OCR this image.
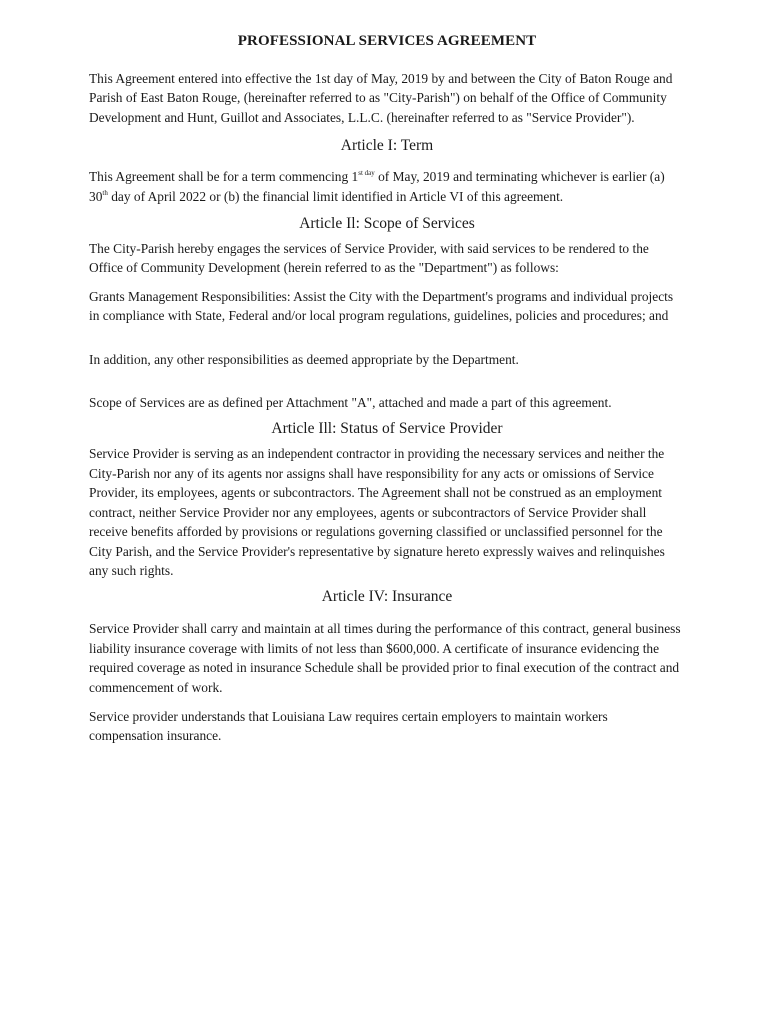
PROFESSIONAL SERVICES AGREEMENT

This Agreement entered into effective the 1st day of May, 2019 by and between the City of Baton Rouge and Parish of East Baton Rouge, (hereinafter referred to as "City-Parish") on behalf of the Office of Community Development and Hunt, Guillot and Associates, L.L.C. (hereinafter referred to as "Service Provider").

Article I: Term

This Agreement shall be for a term commencing $1^{st day}$ of May, 2019 and terminating whichever is earlier (a) 30th day of April 2022 or (b) the financial limit identified in Article VI of this agreement.

Article Il: Scope of Services

The City-Parish hereby engages the services of Service Provider, with said services to be rendered to the Office of Community Development (herein referred to as the "Department") as follows:

Grants Management Responsibilities: Assist the City with the Department's programs and individual projects in compliance with State, Federal and/or local program regulations, guidelines, policies and procedures; and

In addition, any other responsibilities as deemed appropriate by the Department.

Scope of Services are as defined per Attachment "A", attached and made a part of this agreement.

Article Ill: Status of Service Provider

Service Provider is serving as an independent contractor in providing the necessary services and neither the City-Parish nor any of its agents nor assigns shall have responsibility for any acts or omissions of Service Provider, its employees, agents or subcontractors. The Agreement shall not be construed as an employment contract, neither Service Provider nor any employees, agents or subcontractors of Service Provider shall receive benefits afforded by provisions or regulations governing classified or unclassified personnel for the City Parish, and the Service Provider's representative by signature hereto expressly waives and relinquishes any such rights.

Article IV: Insurance

Service Provider shall carry and maintain at all times during the performance of this contract, general business liability insurance coverage with limits of not less than $600,000. A certificate of insurance evidencing the required coverage as noted in insurance Schedule shall be provided prior to final execution of the contract and commencement of work.

Service provider understands that Louisiana Law requires certain employers to maintain workers compensation insurance.
